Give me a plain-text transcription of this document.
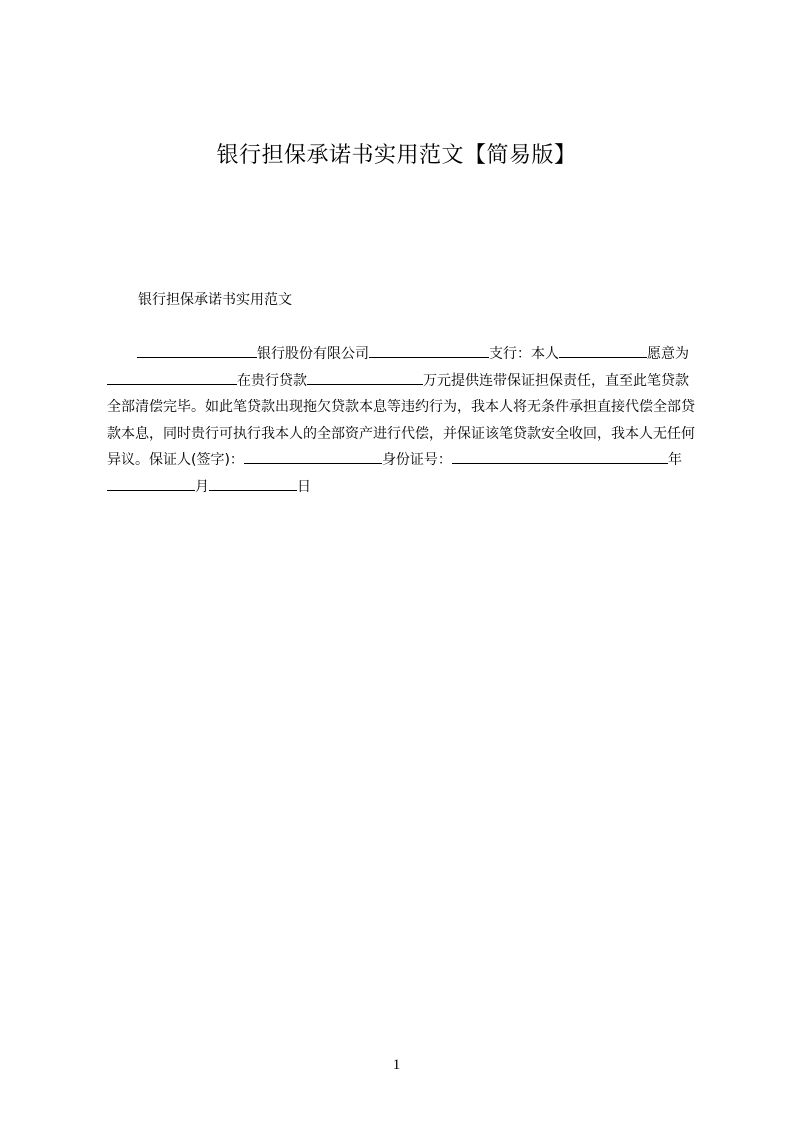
银行担保承诺书实用范文【简易版】
银行担保承诺书实用范文
银行股份有限公司	支行：本人	愿意为在贵行贷款	万元提供连带保证担保责任，直至此笔贷款全部清偿完毕。如此笔贷款出现拖欠贷款本息等违约行为，我本人将无条件承担直接代偿全部贷款本息，同时贵行可执行我本人的全部资产进行代偿，并保证该笔贷款安全收回，我本人无任何异议。保证人(签字)：	身份证号：	年月	日
1
